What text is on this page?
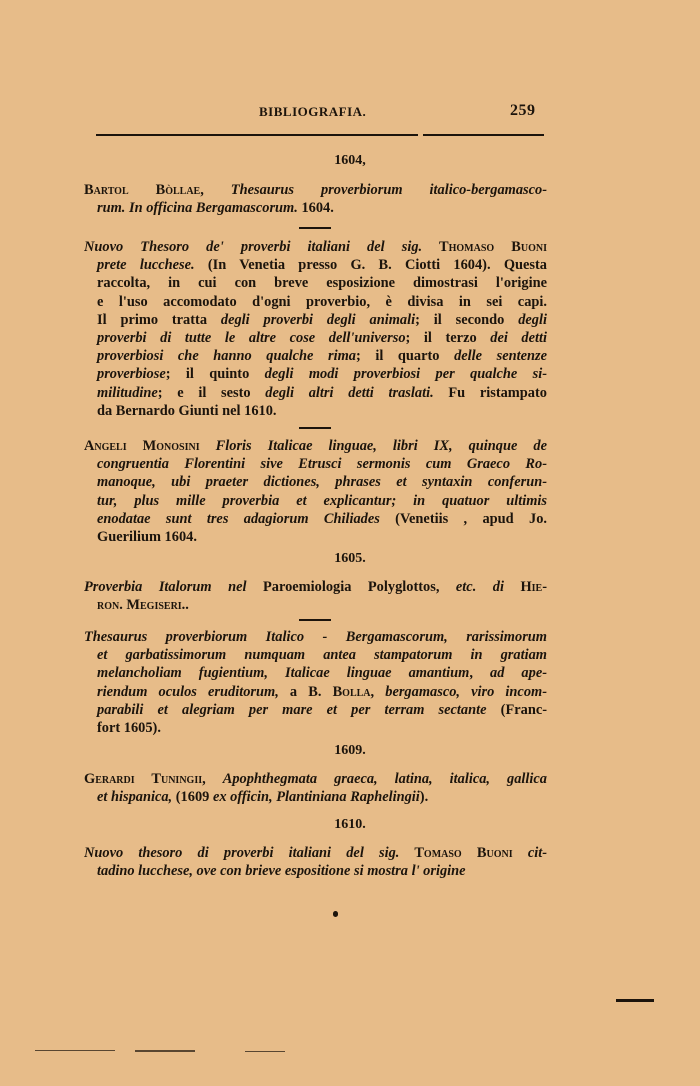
BIBLIOGRAFIA.	259
1604,
1605.
1609.
1610.
Bartol Bòllae, Thesaurus proverbiorum italico-bergamasco-
rum. In officina Bergamascorum. 1604.
Nuovo Thesoro de' proverbi italiani del sig. Thomaso Buoni
prete lucchese. (In Venetia presso G. B. Ciotti 1604). Questa
raccolta, in cui con breve esposizione dimostrasi l'origine
e l'uso accomodato d'ogni proverbio, è divisa in sei capi.
Il primo tratta degli proverbi degli animali; il secondo degli
proverbi di tutte le altre cose dell'universo; il terzo dei detti
proverbiosi che hanno qualche rima; il quarto delle sentenze
proverbiose; il quinto degli modi proverbiosi per qualche si-
militudine; e il sesto degli altri detti traslati. Fu ristampato
da Bernardo Giunti nel 1610.
Angeli Monosini Floris Italicae linguae, libri IX, quinque de
congruentia Florentini sive Etrusci sermonis cum Graeco Ro-
manoque, ubi praeter dictiones, phrases et syntaxin conferun-
tur, plus mille proverbia et explicantur; in quatuor ultimis
enodatae sunt tres adagiorum Chiliades (Venetiis , apud Jo.
Guerilium 1604.
Proverbia Italorum nel Paroemiologia Polyglottos, etc. di Hie-
ron. Megiseri..
Thesaurus proverbiorum Italico - Bergamascorum, rarissimorum
et garbatissimorum numquam antea stampatorum in gratiam
melancholiam fugientium, Italicae linguae amantium, ad ape-
riendum oculos eruditorum, a B. Bolla, bergamasco, viro incom-
parabili et alegriam per mare et per terram sectante (Franc-
fort 1605).
Gerardi Tuningii, Apophthegmata graeca, latina, italica, gallica
et hispanica, (1609 ex officin, Plantiniana Raphelingii).
Nuovo thesoro di proverbi italiani del sig. Tomaso Buoni cit-
tadino lucchese, ove con brieve espositione si mostra l' origine
